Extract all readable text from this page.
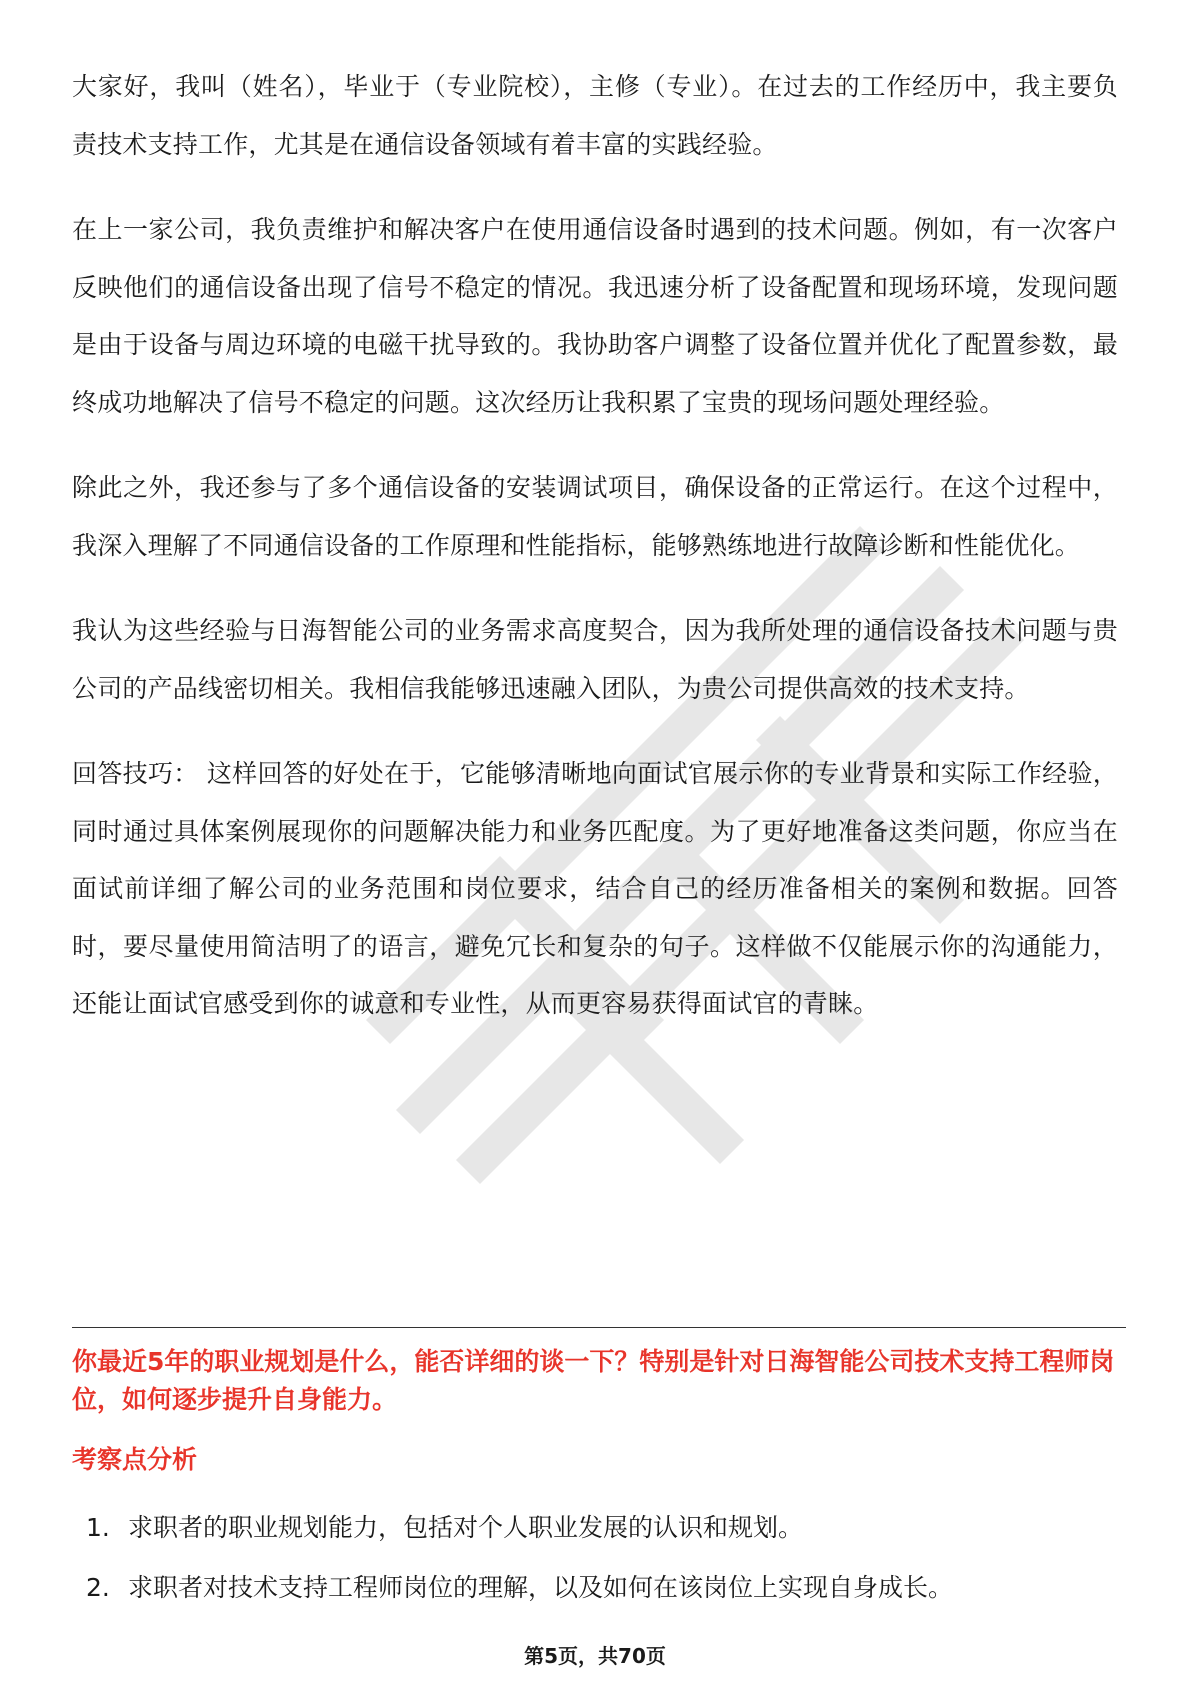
大家好，我叫（姓名），毕业于（专业院校），主修（专业）。在过去的工作经历中，我主要负责技术支持工作，尤其是在通信设备领域有着丰富的实践经验。

在上一家公司，我负责维护和解决客户在使用通信设备时遇到的技术问题。例如，有一次客户反映他们的通信设备出现了信号不稳定的情况。我迅速分析了设备配置和现场环境，发现问题是由于设备与周边环境的电磁干扰导致的。我协助客户调整了设备位置并优化了配置参数，最终成功地解决了信号不稳定的问题。这次经历让我积累了宝贵的现场问题处理经验。

除此之外，我还参与了多个通信设备的安装调试项目，确保设备的正常运行。在这个过程中，我深入理解了不同通信设备的工作原理和性能指标，能够熟练地进行故障诊断和性能优化。

我认为这些经验与日海智能公司的业务需求高度契合，因为我所处理的通信设备技术问题与贵公司的产品线密切相关。我相信我能够迅速融入团队，为贵公司提供高效的技术支持。

回答技巧： 这样回答的好处在于，它能够清晰地向面试官展示你的专业背景和实际工作经验，同时通过具体案例展现你的问题解决能力和业务匹配度。为了更好地准备这类问题，你应当在面试前详细了解公司的业务范围和岗位要求，结合自己的经历准备相关的案例和数据。回答时，要尽量使用简洁明了的语言，避免冗长和复杂的句子。这样做不仅能展示你的沟通能力，还能让面试官感受到你的诚意和专业性，从而更容易获得面试官的青睐。

你最近5年的职业规划是什么，能否详细的谈一下？特别是针对日海智能公司技术支持工程师岗位，如何逐步提升自身能力。
考察点分析
1. 求职者的职业规划能力，包括对个人职业发展的认识和规划。
2. 求职者对技术支持工程师岗位的理解，以及如何在该岗位上实现自身成长。
第5页，共70页
